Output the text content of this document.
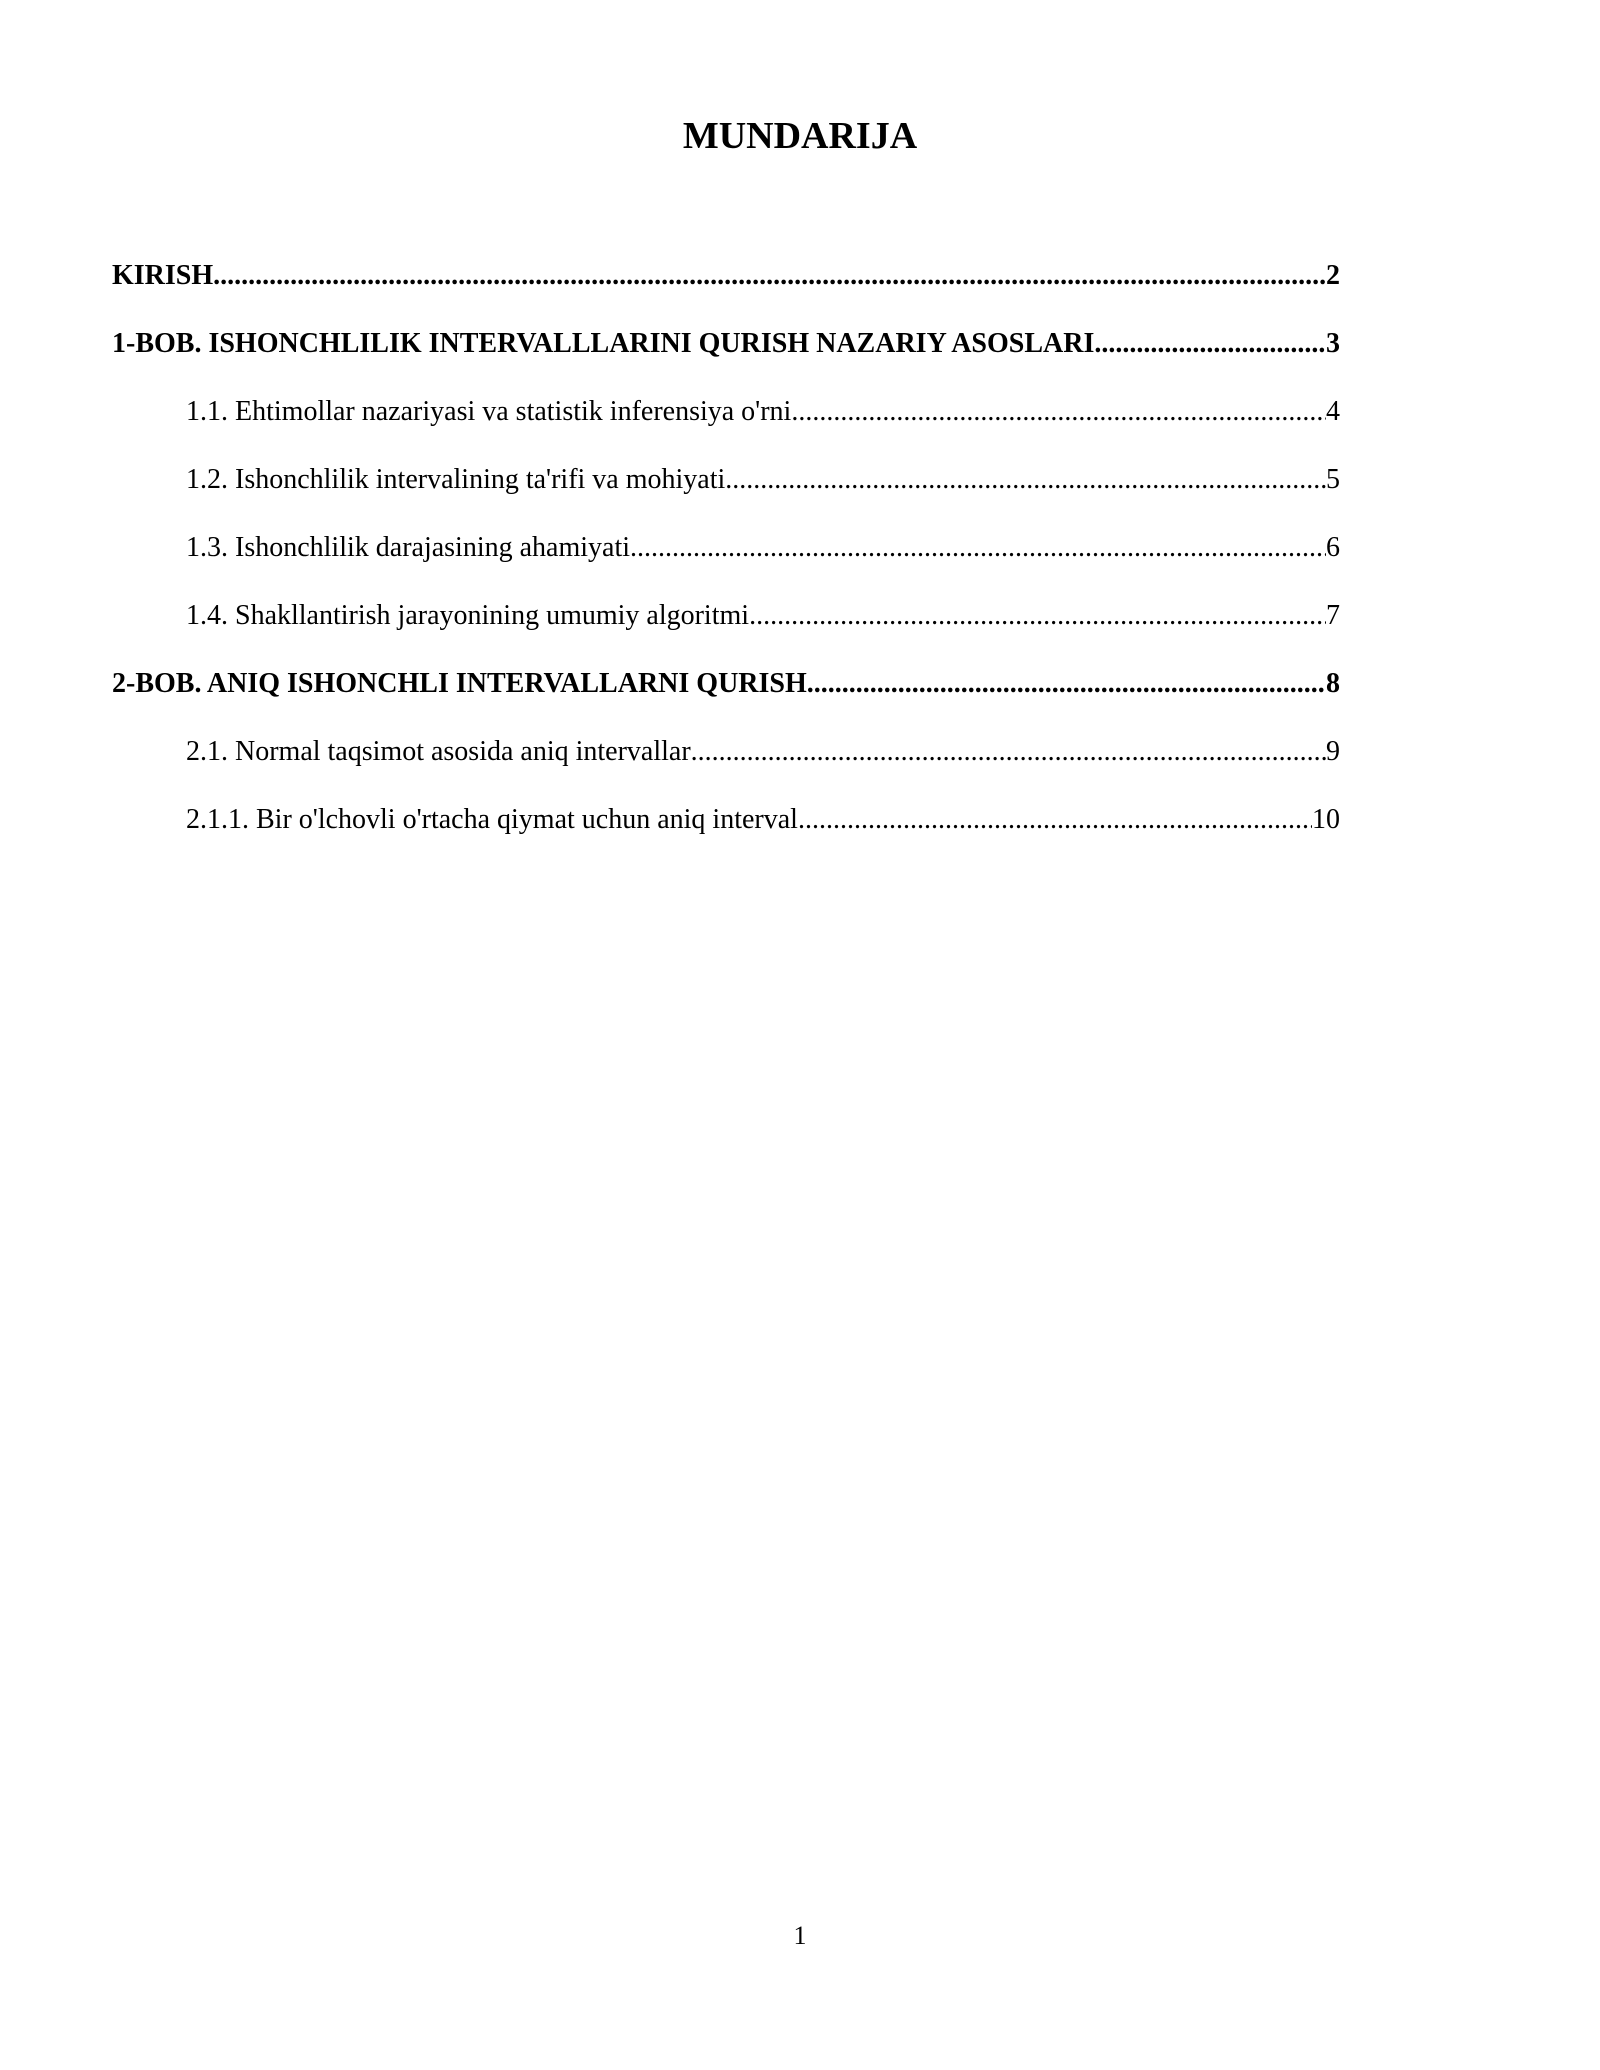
MUNDARIJA
KIRISH .....	2
1-BOB. ISHONCHLILIK INTERVALLLARINI QURISH NAZARIY ASOSLARI .....	3
1.1. Ehtimollar nazariyasi va statistik inferensiya o'rni .....	4
1.2. Ishonchlilik intervalining ta'rifi va mohiyati .....	5
1.3. Ishonchlilik darajasining ahamiyati .....	6
1.4. Shakllantirish jarayonining umumiy algoritmi .....	7
2-BOB. ANIQ ISHONCHLI INTERVALLARNI QURISH .....	8
2.1. Normal taqsimot asosida aniq intervallar .....	9
2.1.1. Bir o'lchovli o'rtacha qiymat uchun aniq interval .....	10

1
